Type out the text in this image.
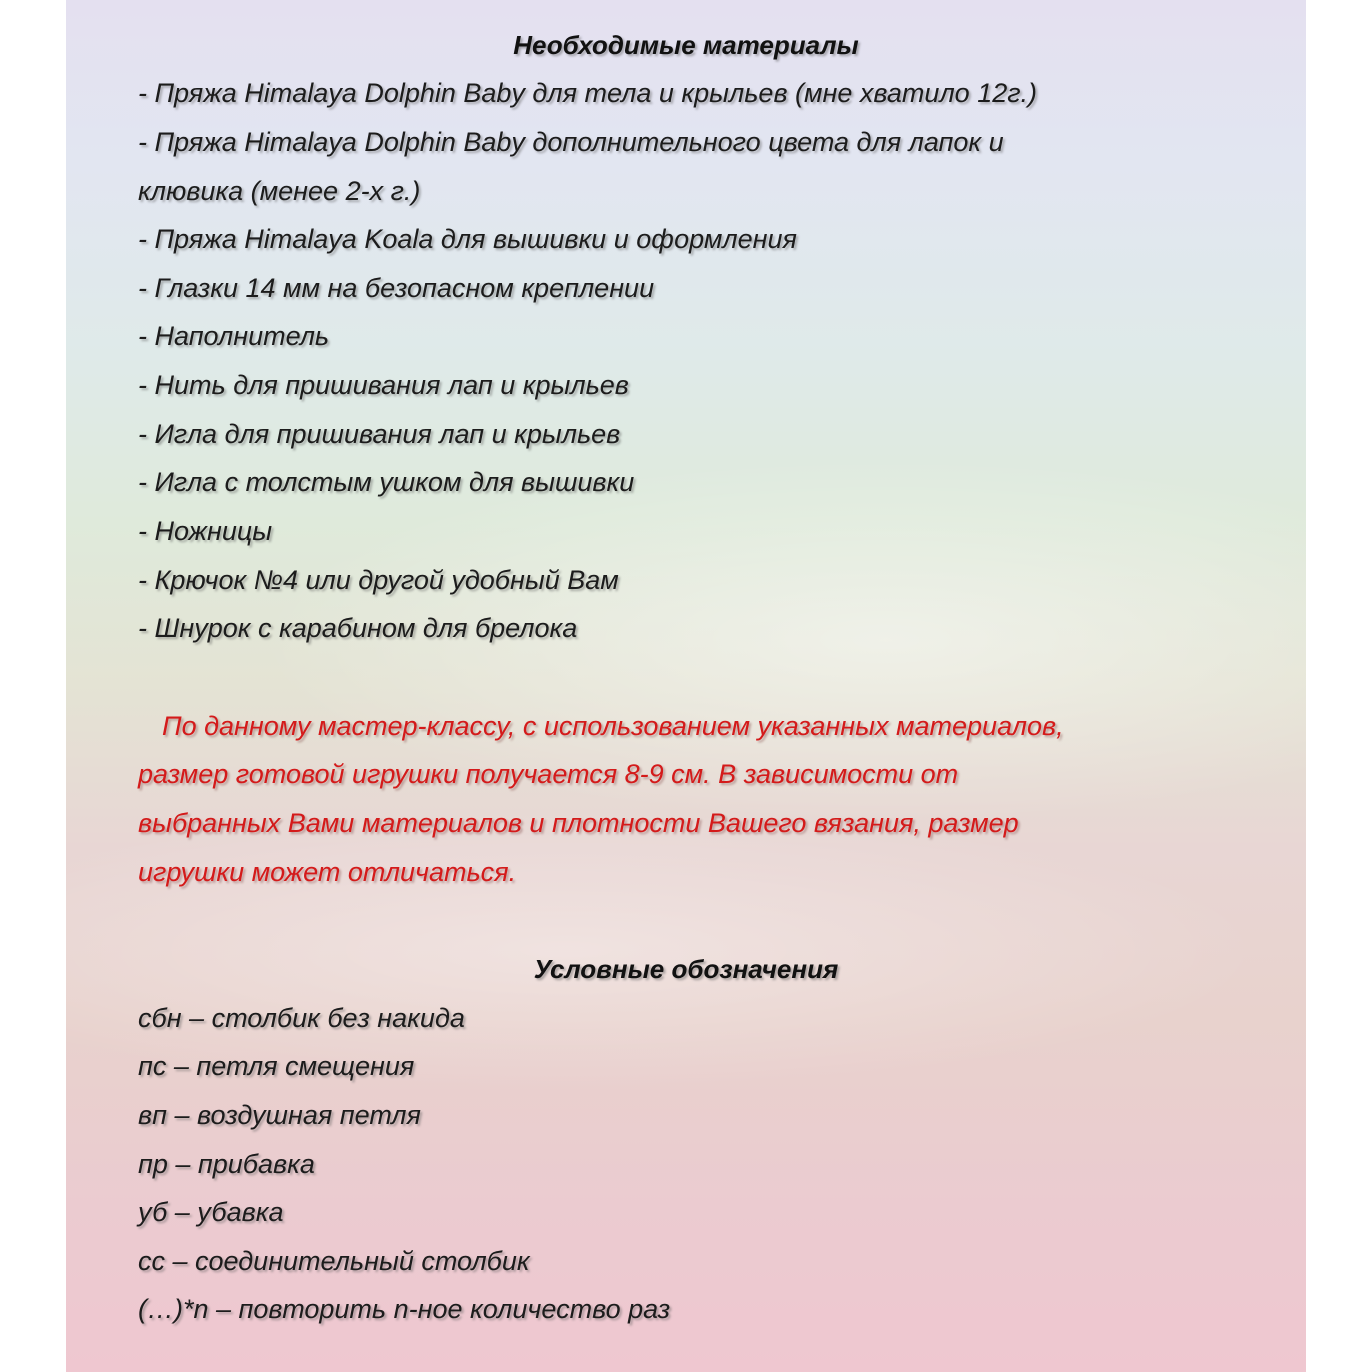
Необходимые материалы
- Пряжа Himalaya Dolphin Baby для тела и крыльев (мне хватило 12г.)
- Пряжа Himalaya Dolphin Baby дополнительного цвета для лапок и
клювика (менее 2-х г.)
- Пряжа Himalaya Koala для вышивки и оформления
- Глазки 14 мм на безопасном креплении
- Наполнитель
- Нить для пришивания лап и крыльев
- Игла для пришивания лап и крыльев
- Игла с толстым ушком для вышивки
- Ножницы
- Крючок №4 или другой удобный Вам
- Шнурок с карабином для брелока
По данному мастер-классу, с использованием указанных материалов,
размер готовой игрушки получается 8-9 см. В зависимости от
выбранных Вами материалов и плотности Вашего вязания, размер
игрушки может отличаться.
Условные обозначения
сбн – столбик без накида
пс – петля смещения
вп – воздушная петля
пр – прибавка
уб – убавка
сс – соединительный столбик
(…)*n – повторить n-ное количество раз
